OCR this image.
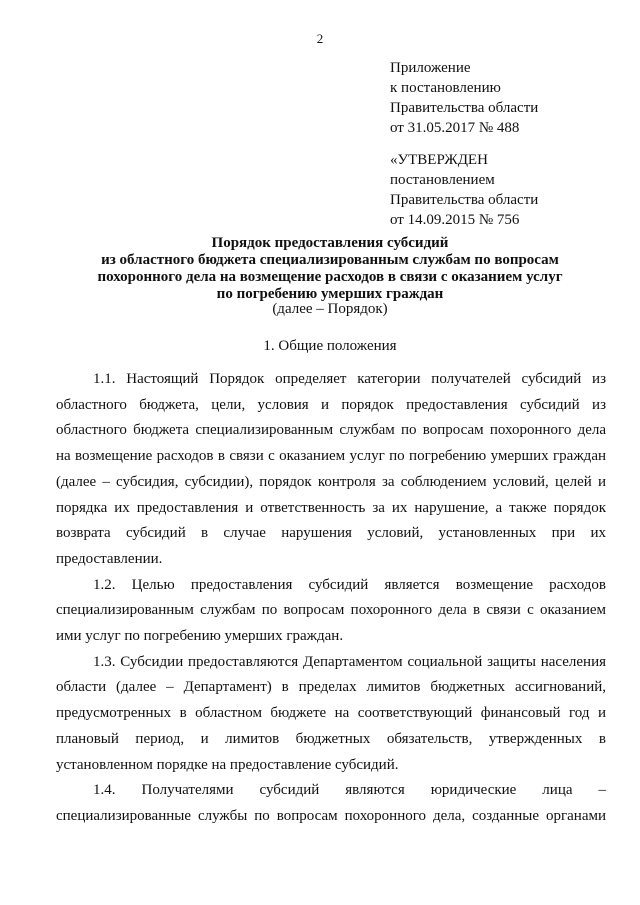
2
Приложение
к постановлению
Правительства области
от 31.05.2017 № 488
«УТВЕРЖДЕН
постановлением
Правительства области
от 14.09.2015 № 756
Порядок предоставления субсидий
из областного бюджета специализированным службам по вопросам
похоронного дела на возмещение расходов в связи с оказанием услуг
по погребению умерших граждан
(далее – Порядок)
1. Общие положения
1.1. Настоящий Порядок определяет категории получателей субсидий из
областного бюджета, цели, условия и порядок предоставления субсидий из
областного бюджета специализированным службам по вопросам похоронного дела
на возмещение расходов в связи с оказанием услуг по погребению умерших граждан
(далее – субсидия, субсидии), порядок контроля за соблюдением условий, целей и
порядка их предоставления и ответственность за их нарушение, а также порядок
возврата субсидий в случае нарушения условий, установленных при их
предоставлении.
1.2. Целью предоставления субсидий является возмещение расходов
специализированным службам по вопросам похоронного дела в связи с оказанием
ими услуг по погребению умерших граждан.
1.3. Субсидии предоставляются Департаментом социальной защиты населения
области (далее – Департамент) в пределах лимитов бюджетных ассигнований,
предусмотренных в областном бюджете на соответствующий финансовый год и
плановый период, и лимитов бюджетных обязательств, утвержденных в
установленном порядке на предоставление субсидий.
1.4. Получателями субсидий являются юридические лица –
специализированные службы по вопросам похоронного дела, созданные органами
